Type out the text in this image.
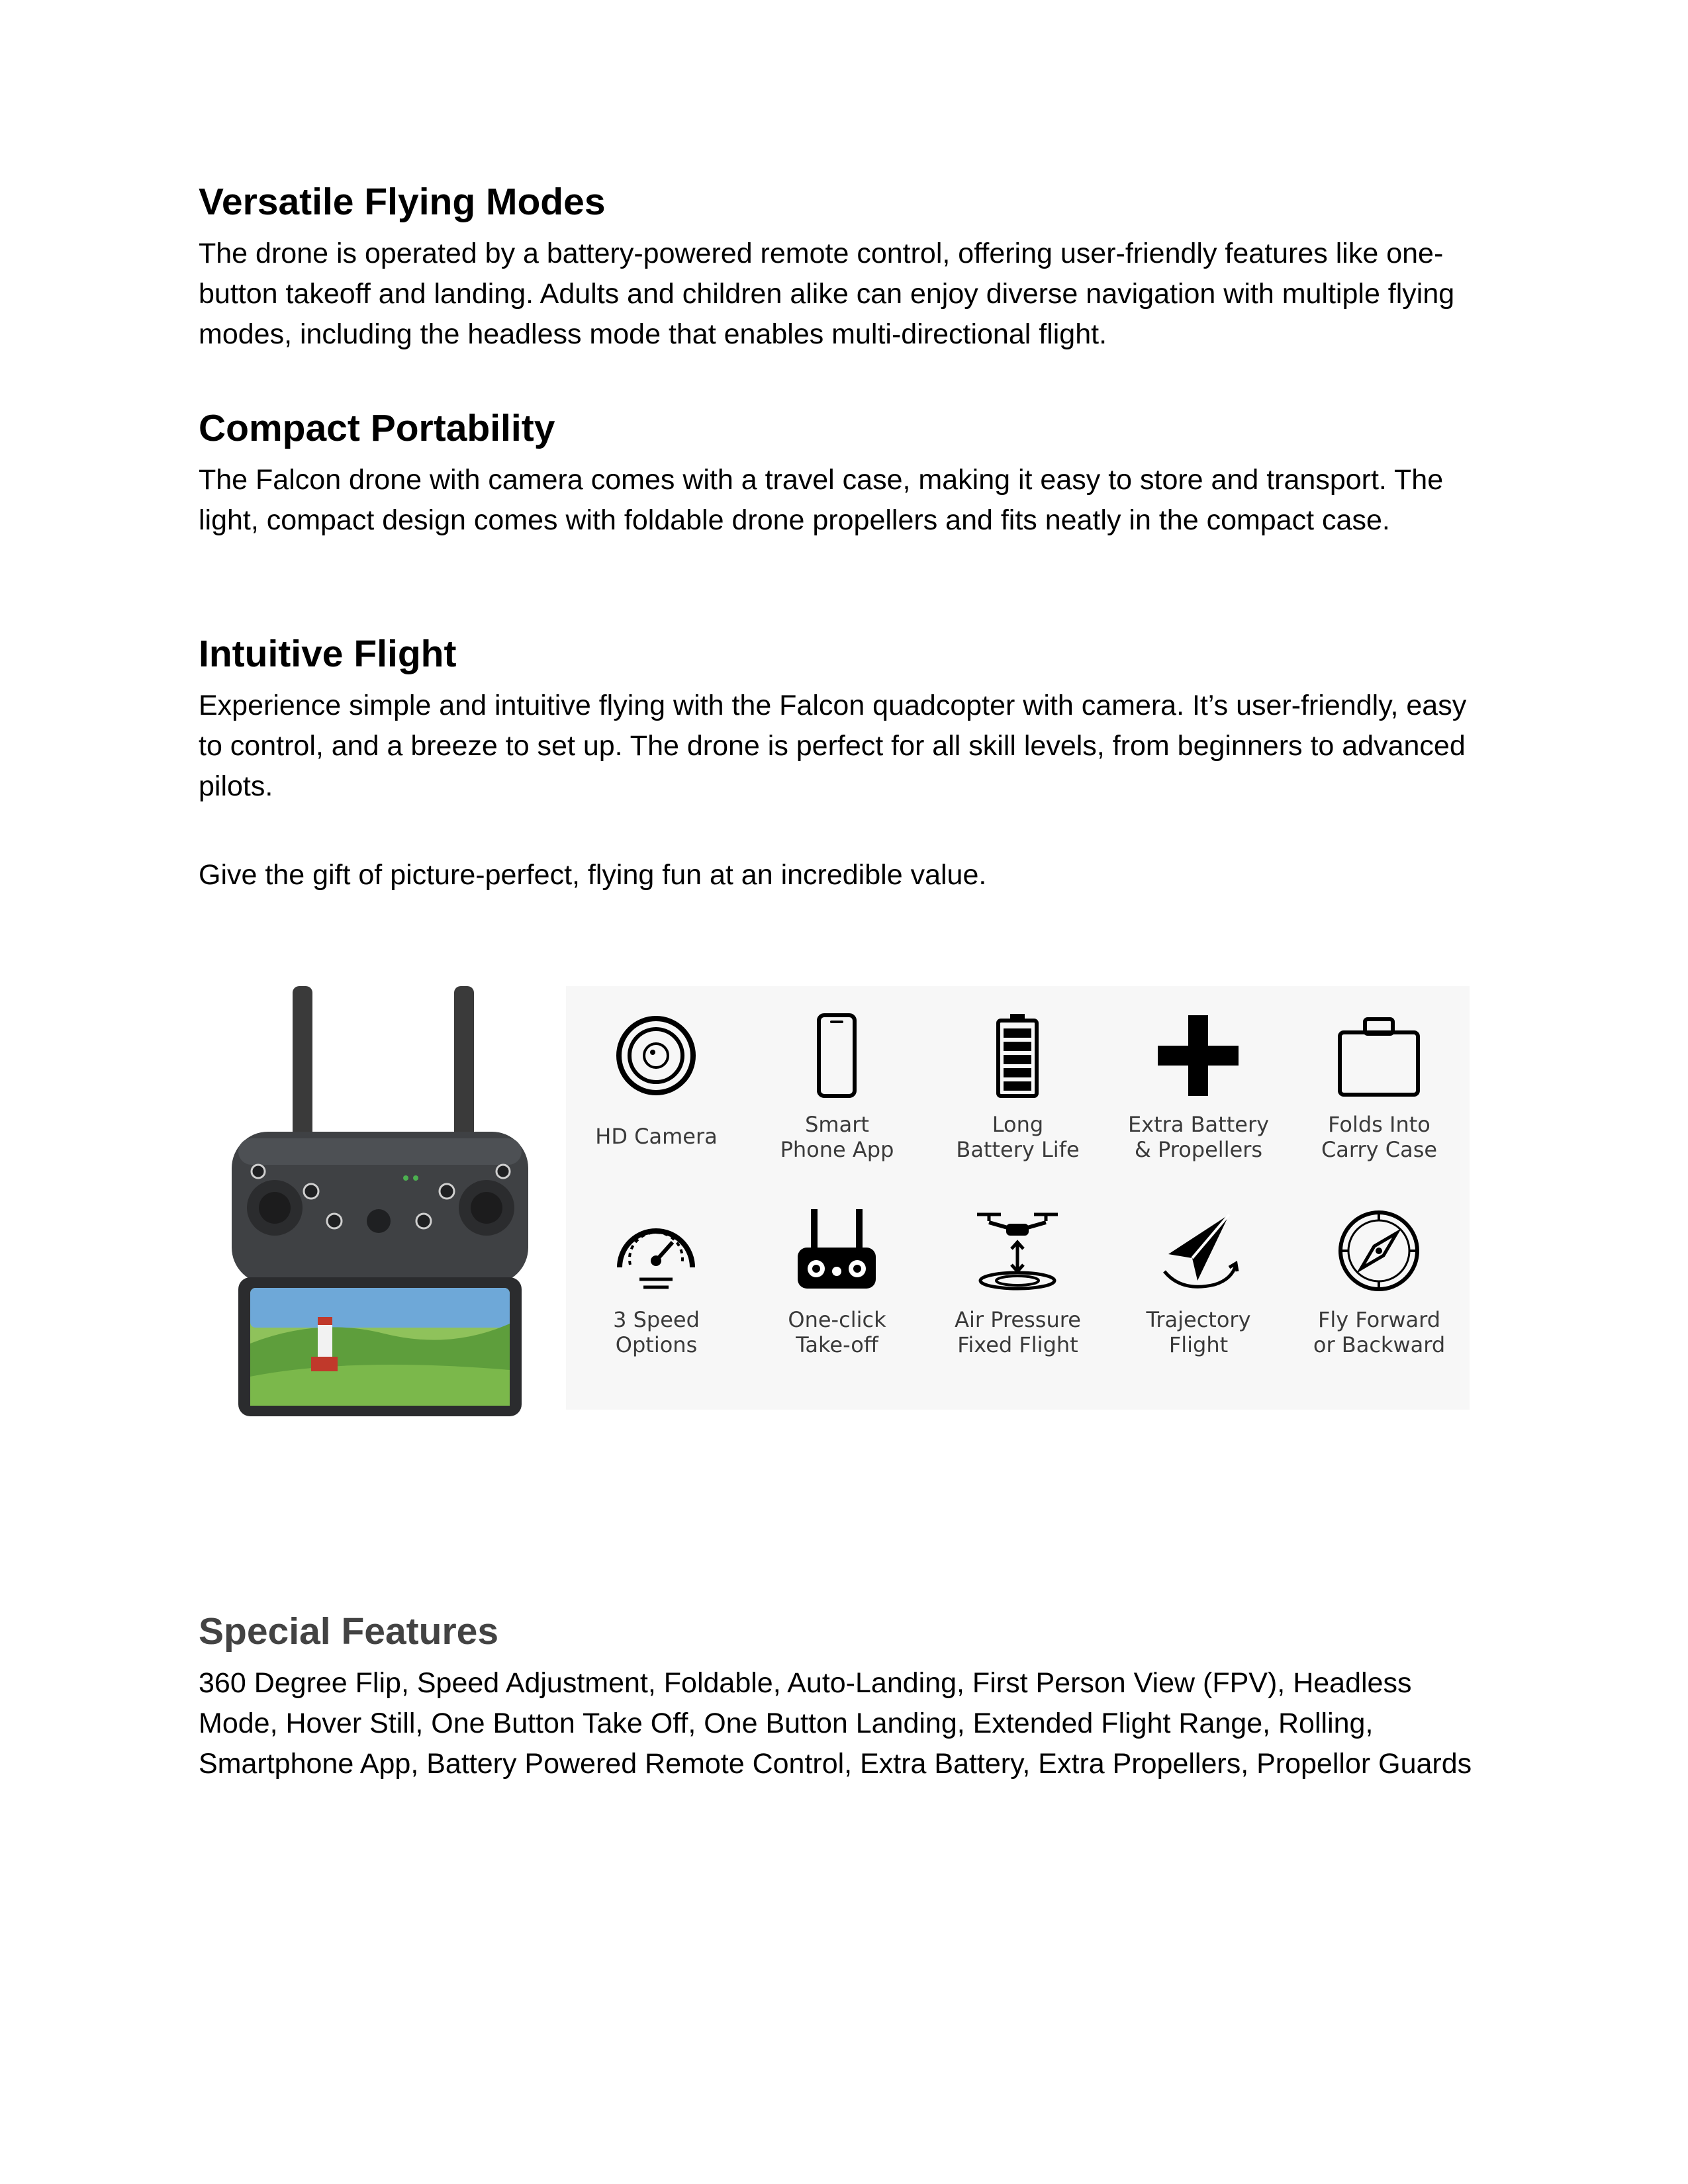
Versatile Flying Modes

The drone is operated by a battery-powered remote control, offering user-friendly features like one-button takeoff and landing. Adults and children alike can enjoy diverse navigation with multiple flying modes, including the headless mode that enables multi-directional flight.

Compact Portability

The Falcon drone with camera comes with a travel case, making it easy to store and transport. The light, compact design comes with foldable drone propellers and fits neatly in the compact case.

Intuitive Flight

Experience simple and intuitive flying with the Falcon quadcopter with camera. It’s user-friendly, easy to control, and a breeze to set up. The drone is perfect for all skill levels, from beginners to advanced pilots.

Give the gift of picture-perfect, flying fun at an incredible value.

HD Camera	Smart
Phone App
Long
Battery Life
Extra Battery
& Propellers
Folds Into
Carry Case
3 Speed
Options
One-click
Take-off
Air Pressure
Fixed Flight
Trajectory
Flight
Fly Forward
or Backward
Special Features

360 Degree Flip, Speed Adjustment, Foldable, Auto-Landing, First Person View (FPV), Headless Mode, Hover Still, One Button Take Off, One Button Landing, Extended Flight Range, Rolling, Smartphone App, Battery Powered Remote Control, Extra Battery, Extra Propellers, Propellor Guards
